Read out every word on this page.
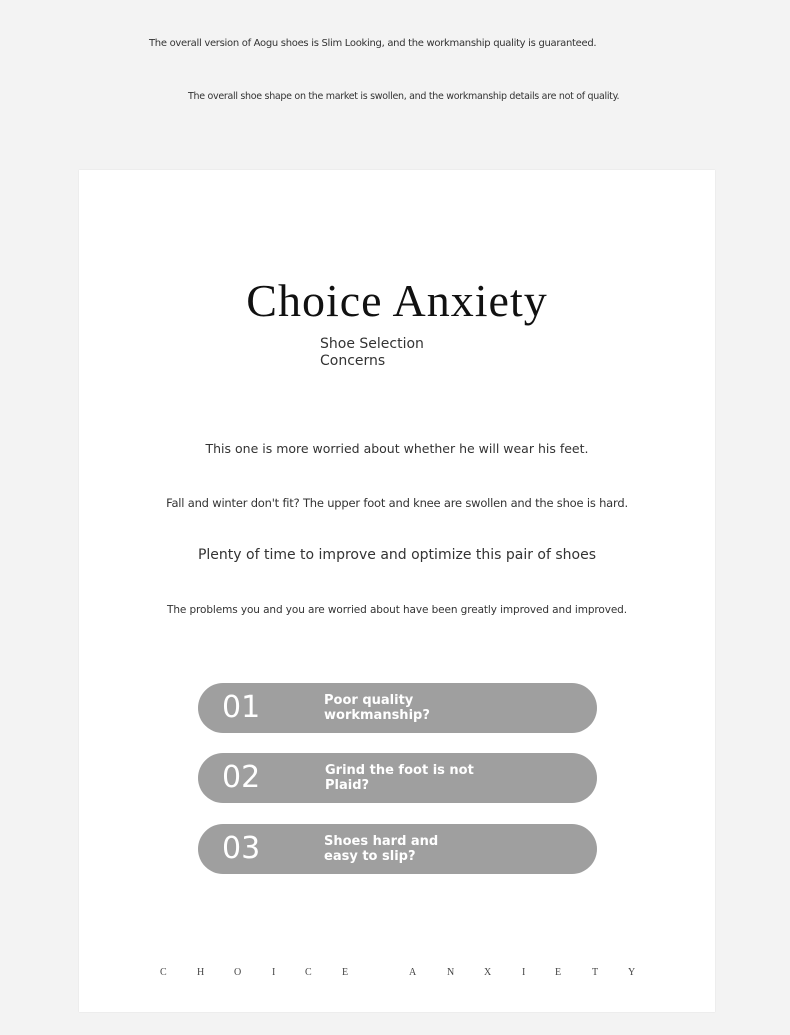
The overall version of Aogu shoes is Slim Looking, and the workmanship quality is guaranteed.

The overall shoe shape on the market is swollen, and the workmanship details are not of quality.

Choice Anxiety

Shoe Selection Concerns

This one is more worried about whether he will wear his feet.

Fall and winter don't fit? The upper foot and knee are swollen and the shoe is hard.

Plenty of time to improve and optimize this pair of shoes

The problems you and you are worried about have been greatly improved and improved.

01	Poor quality workmanship?
02	Grind the foot is not Plaid?
03	Shoes hard and easy to slip?
C	H	O	I	C	E	A	N	X	I	E	T	Y
